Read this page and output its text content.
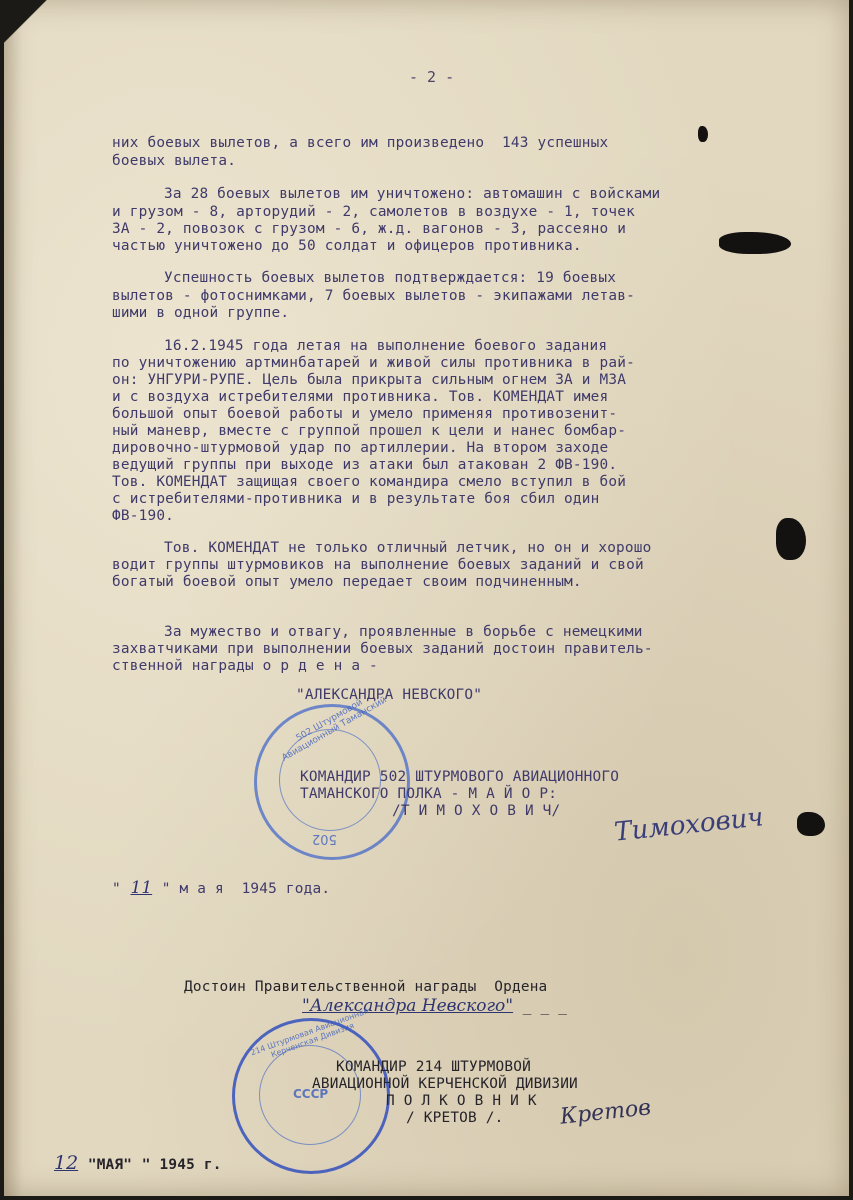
- 2 -
них боевых вылетов, а всего им произведено  143 успешных
боевых вылета.
За 28 боевых вылетов им уничтожено: автомашин с войсками
и грузом - 8, арторудий - 2, самолетов в воздухе - 1, точек
ЗА - 2, повозок с грузом - 6, ж.д. вагонов - 3, рассеяно и
частью уничтожено до 50 солдат и офицеров противника.
Успешность боевых вылетов подтверждается: 19 боевых
вылетов - фотоснимками, 7 боевых вылетов - экипажами летав-
шими в одной группе.
16.2.1945 года летая на выполнение боевого задания
по уничтожению артминбатарей и живой силы противника в рай-
он: УНГУРИ-РУПЕ. Цель была прикрыта сильным огнем ЗА и МЗА
и с воздуха истребителями противника. Тов. КОМЕНДАТ имея
большой опыт боевой работы и умело применяя противозенит-
ный маневр, вместе с группой прошел к цели и нанес бомбар-
дировочно-штурмовой удар по артиллерии. На втором заходе
ведущий группы при выходе из атаки был атакован 2 ФВ-190.
Тов. КОМЕНДАТ защищая своего командира смело вступил в бой
с истребителями-противника и в результате боя сбил один
ФВ-190.
Тов. КОМЕНДАТ не только отличный летчик, но он и хорошо
водит группы штурмовиков на выполнение боевых заданий и свой
богатый боевой опыт умело передает своим подчиненным.
За мужество и отвагу, проявленные в борьбе с немецкими
захватчиками при выполнении боевых заданий достоин правитель-
ственной награды о р д е н а -
"АЛЕКСАНДРА НЕВСКОГО"
502 Штурмовой Авиационный Таманский
502
КОМАНДИР 502 ШТУРМОВОГО АВИАЦИОННОГО
ТАМАНСКОГО ПОЛКА - М А Й О Р:
/Т И М О Х О В И Ч/ Тимохович
" 11 " м а я  1945 года.
Достоин Правительственной награды  Ордена
"Александра Невского" _ _ _
214 Штурмовая Авиационная Керченская Дивизия
СССР
КОМАНДИР 214 ШТУРМОВОЙ
АВИАЦИОННОЙ КЕРЧЕНСКОЙ ДИВИЗИИ
П О Л К О В Н И К
/ КРЕТОВ /.	Кретов
12 "МАЯ" " 1945 г.
